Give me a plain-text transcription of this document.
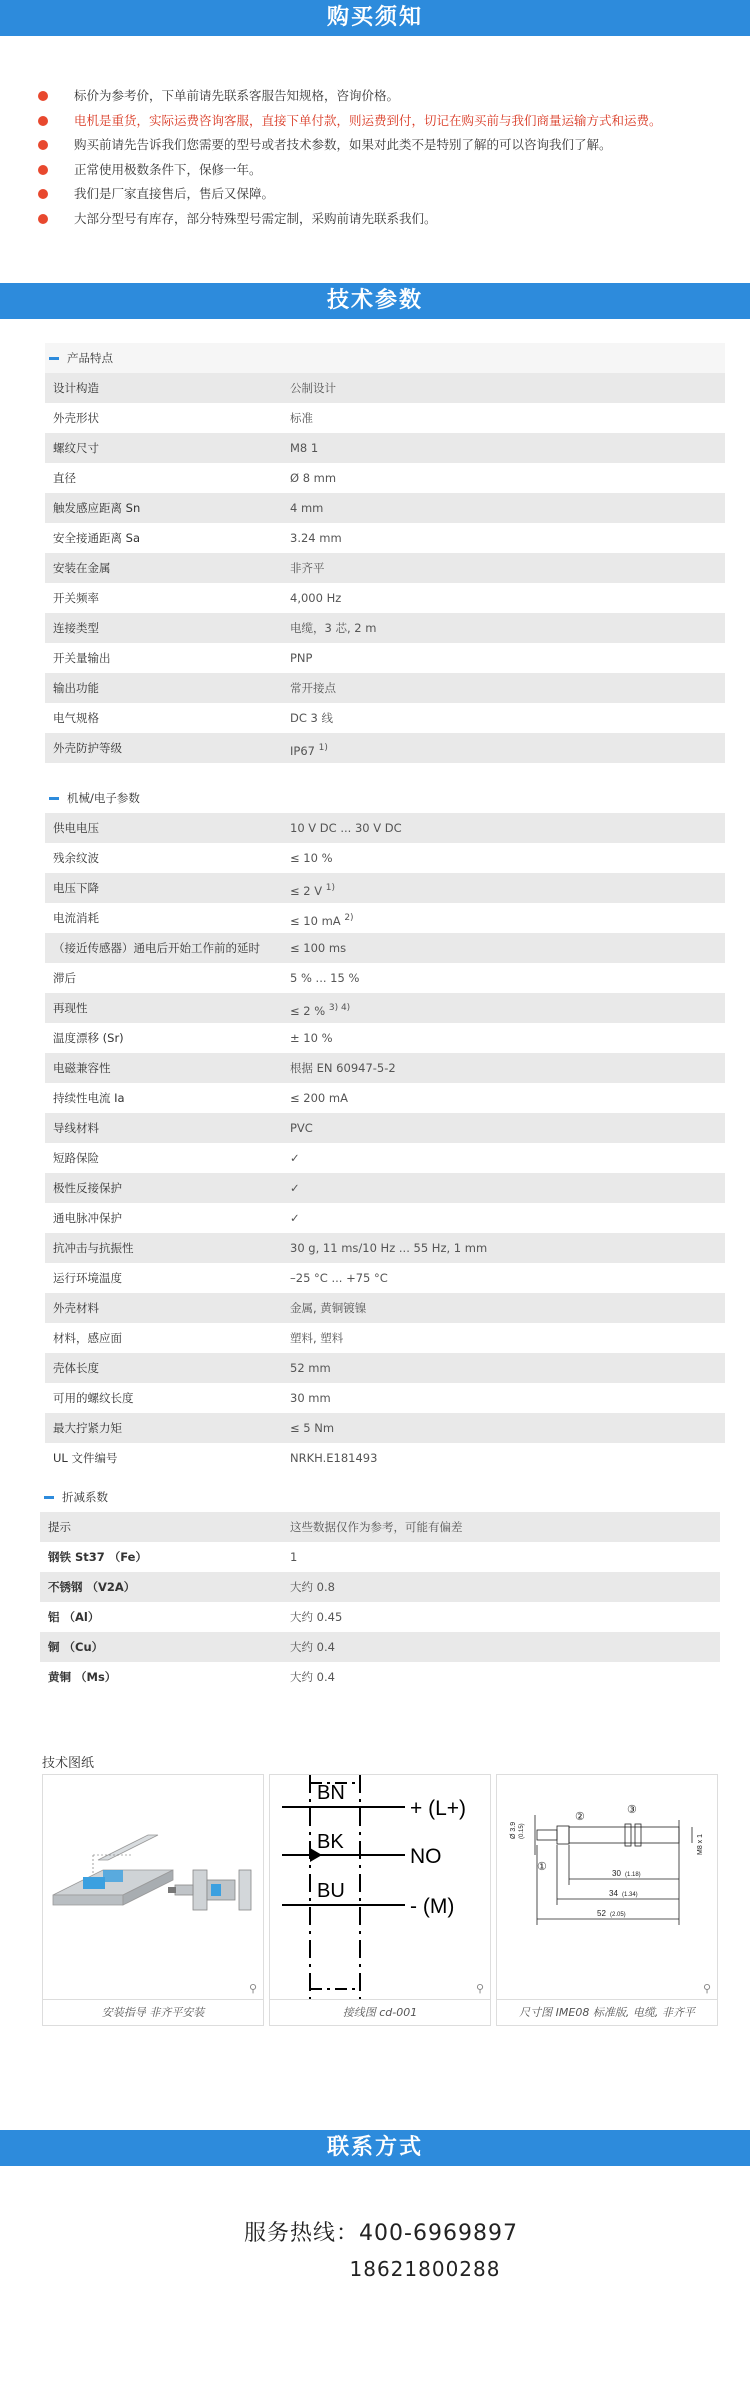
购买须知
标价为参考价，下单前请先联系客服告知规格，咨询价格。
电机是重货，实际运费咨询客服，直接下单付款，则运费到付，切记在购买前与我们商量运输方式和运费。
购买前请先告诉我们您需要的型号或者技术参数，如果对此类不是特别了解的可以咨询我们了解。
正常使用极数条件下，保修一年。
我们是厂家直接售后，售后又保障。
大部分型号有库存，部分特殊型号需定制，采购前请先联系我们。
技术参数
产品特点
设计构造	公制设计
外壳形状	标准
螺纹尺寸	M8 1
直径	Ø 8 mm
触发感应距离 Sn	4 mm
安全接通距离 Sa	3.24 mm
安装在金属	非齐平
开关频率	4,000 Hz
连接类型	电缆，3 芯, 2 m
开关量输出	PNP
输出功能	常开接点
电气规格	DC 3 线
外壳防护等级	IP67 $^{1)}$
机械/电子参数
供电电压	10 V DC ... 30 V DC
残余纹波	≤ 10 %
电压下降	≤ 2 V $^{1)}$
电流消耗	≤ 10 mA $^{2)}$
（接近传感器）通电后开始工作前的延时	≤ 100 ms
滞后	5 % ... 15 %
再现性	≤ 2 % $^{3) 4)}$
温度漂移 (Sr)	± 10 %
电磁兼容性	根据 EN 60947-5-2
持续性电流 Ia	≤ 200 mA
导线材料	PVC
短路保险	✓
极性反接保护	✓
通电脉冲保护	✓
抗冲击与抗振性	30 g, 11 ms/10 Hz ... 55 Hz, 1 mm
运行环境温度	–25 °C ... +75 °C
外壳材料	金属, 黄铜镀镍
材料，感应面	塑料, 塑料
壳体长度	52 mm
可用的螺纹长度	30 mm
最大拧紧力矩	≤ 5 Nm
UL 文件编号	NRKH.E181493
折减系数
提示	这些数据仅作为参考，可能有偏差
钢铁 St37 （Fe）	1
不锈钢 （V2A）	大约 0.8
铝 （Al）	大约 0.45
铜 （Cu）	大约 0.4
黄铜 （Ms）	大约 0.4
技术图纸
⚲
安装指导 非齐平安装
BN
BK
BU
+ (L+)
NO
- (M)
⚲
接线图 cd-001
Ø 3.9 (0.15)
①
②
③
30 (1.18)
34 (1.34)
52 (2.05)
M8 x 1
⚲
尺寸图 IME08 标准版, 电缆, 非齐平
联系方式
服务热线：400-6969897
18621800288
